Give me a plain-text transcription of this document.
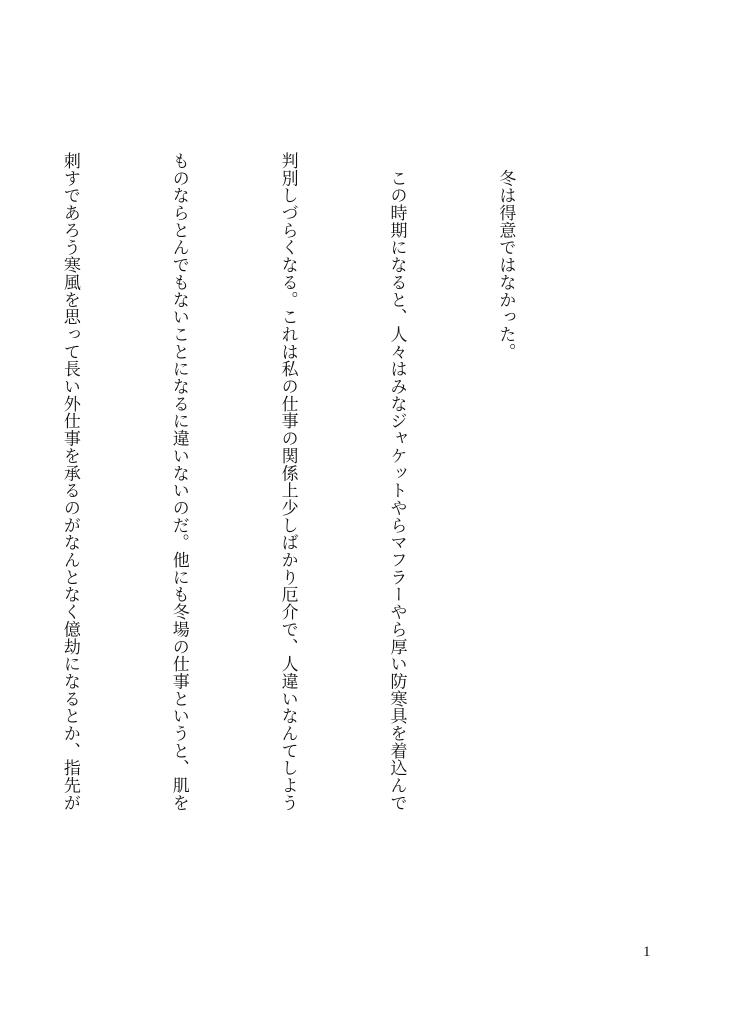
　冬は得意ではなかった。

　この時期になると、人々はみなジャケットやらマフラーやら厚い防寒具を着込んで

判別しづらくなる。これは私の仕事の関係上少しばかり厄介で、人違いなんてしよう

ものならとんでもないことになるに違いないのだ。他にも冬場の仕事というと、肌を

刺すであろう寒風を思って長い外仕事を承るのがなんとなく億劫になるとか、指先が

1
